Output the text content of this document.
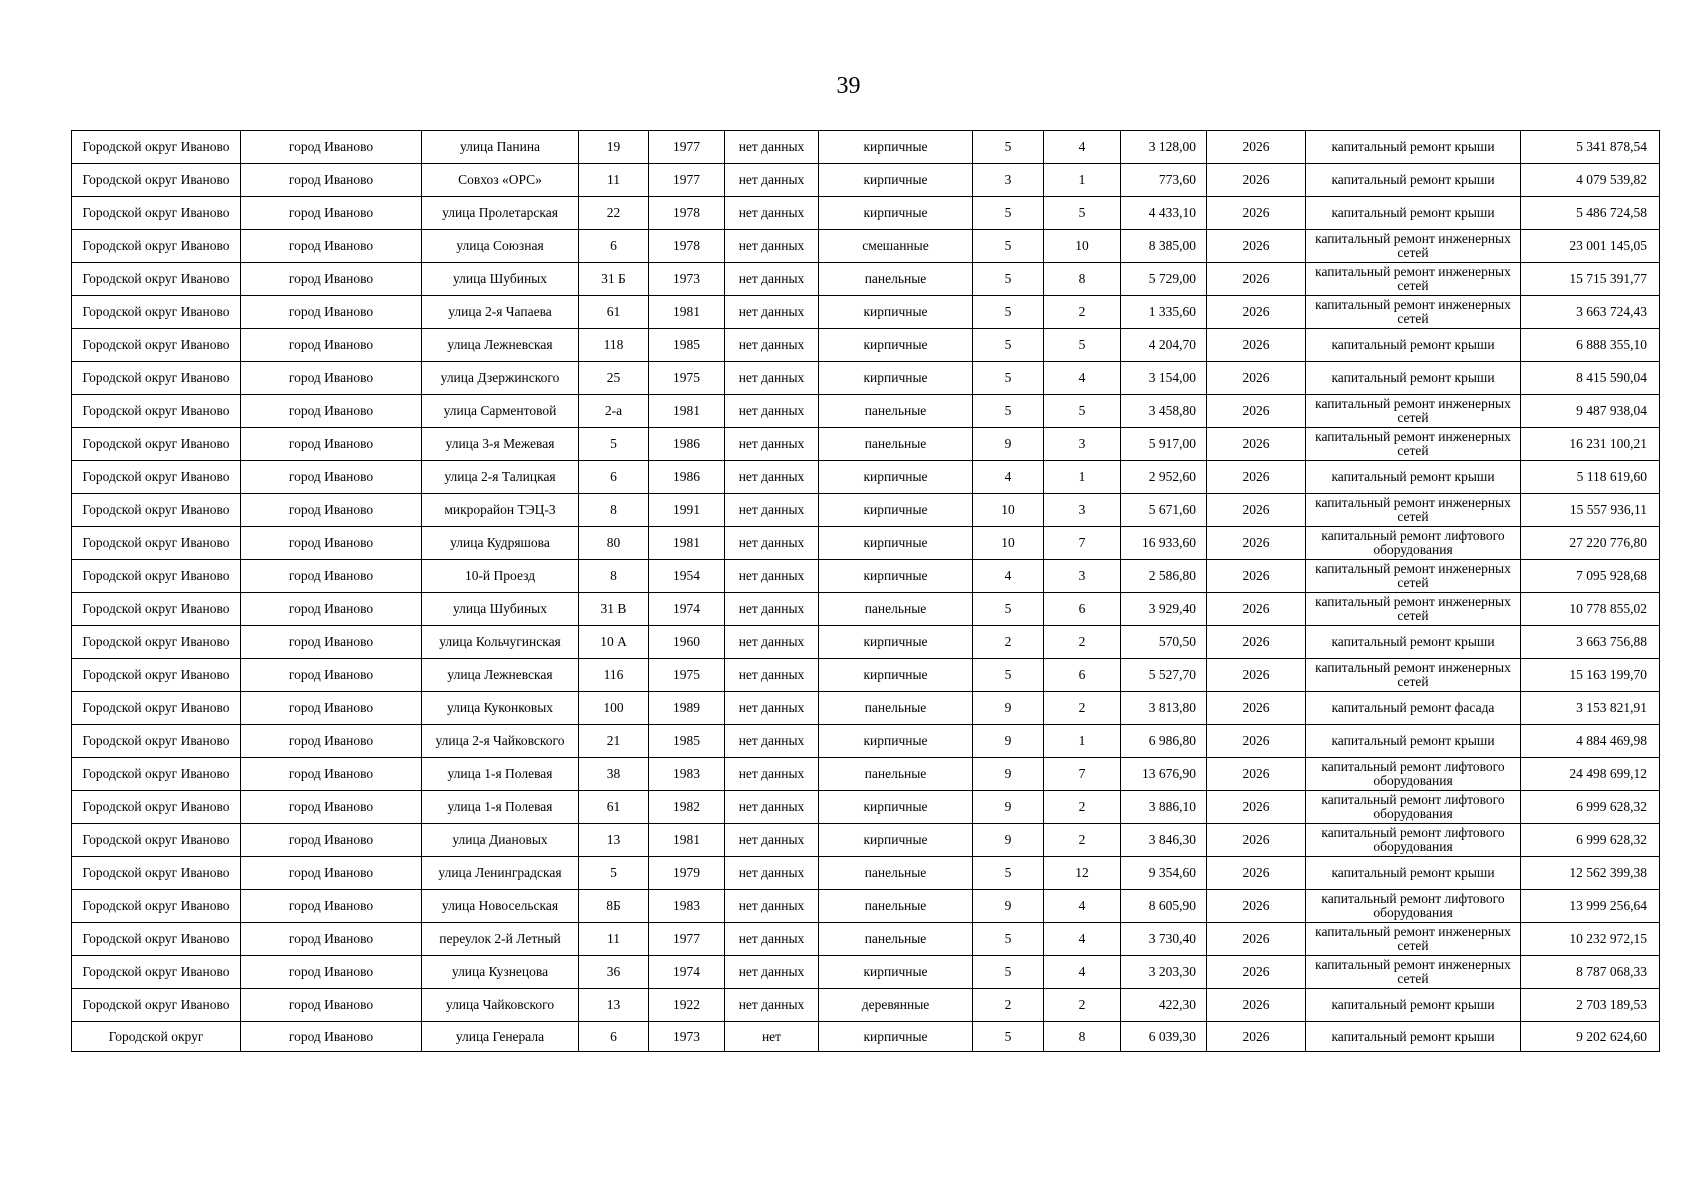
39
Городской округ Иваново	город Иваново	улица Панина	19	1977	нет данных	кирпичные	5	4	3 128,00	2026	капитальный ремонт крыши	5 341 878,54
Городской округ Иваново	город Иваново	Совхоз «ОРС»	11	1977	нет данных	кирпичные	3	1	773,60	2026	капитальный ремонт крыши	4 079 539,82
Городской округ Иваново	город Иваново	улица Пролетарская	22	1978	нет данных	кирпичные	5	5	4 433,10	2026	капитальный ремонт крыши	5 486 724,58
Городской округ Иваново	город Иваново	улица Союзная	6	1978	нет данных	смешанные	5	10	8 385,00	2026	капитальный ремонт инженерных сетей	23 001 145,05
Городской округ Иваново	город Иваново	улица Шубиных	31 Б	1973	нет данных	панельные	5	8	5 729,00	2026	капитальный ремонт инженерных сетей	15 715 391,77
Городской округ Иваново	город Иваново	улица 2-я Чапаева	61	1981	нет данных	кирпичные	5	2	1 335,60	2026	капитальный ремонт инженерных сетей	3 663 724,43
Городской округ Иваново	город Иваново	улица Лежневская	118	1985	нет данных	кирпичные	5	5	4 204,70	2026	капитальный ремонт крыши	6 888 355,10
Городской округ Иваново	город Иваново	улица Дзержинского	25	1975	нет данных	кирпичные	5	4	3 154,00	2026	капитальный ремонт крыши	8 415 590,04
Городской округ Иваново	город Иваново	улица Сарментовой	2-а	1981	нет данных	панельные	5	5	3 458,80	2026	капитальный ремонт инженерных сетей	9 487 938,04
Городской округ Иваново	город Иваново	улица 3-я Межевая	5	1986	нет данных	панельные	9	3	5 917,00	2026	капитальный ремонт инженерных сетей	16 231 100,21
Городской округ Иваново	город Иваново	улица 2-я Талицкая	6	1986	нет данных	кирпичные	4	1	2 952,60	2026	капитальный ремонт крыши	5 118 619,60
Городской округ Иваново	город Иваново	микрорайон ТЭЦ-3	8	1991	нет данных	кирпичные	10	3	5 671,60	2026	капитальный ремонт инженерных сетей	15 557 936,11
Городской округ Иваново	город Иваново	улица Кудряшова	80	1981	нет данных	кирпичные	10	7	16 933,60	2026	капитальный ремонт лифтового оборудования	27 220 776,80
Городской округ Иваново	город Иваново	10-й Проезд	8	1954	нет данных	кирпичные	4	3	2 586,80	2026	капитальный ремонт инженерных сетей	7 095 928,68
Городской округ Иваново	город Иваново	улица Шубиных	31 В	1974	нет данных	панельные	5	6	3 929,40	2026	капитальный ремонт инженерных сетей	10 778 855,02
Городской округ Иваново	город Иваново	улица Кольчугинская	10 А	1960	нет данных	кирпичные	2	2	570,50	2026	капитальный ремонт крыши	3 663 756,88
Городской округ Иваново	город Иваново	улица Лежневская	116	1975	нет данных	кирпичные	5	6	5 527,70	2026	капитальный ремонт инженерных сетей	15 163 199,70
Городской округ Иваново	город Иваново	улица Куконковых	100	1989	нет данных	панельные	9	2	3 813,80	2026	капитальный ремонт фасада	3 153 821,91
Городской округ Иваново	город Иваново	улица 2-я Чайковского	21	1985	нет данных	кирпичные	9	1	6 986,80	2026	капитальный ремонт крыши	4 884 469,98
Городской округ Иваново	город Иваново	улица 1-я Полевая	38	1983	нет данных	панельные	9	7	13 676,90	2026	капитальный ремонт лифтового оборудования	24 498 699,12
Городской округ Иваново	город Иваново	улица 1-я Полевая	61	1982	нет данных	кирпичные	9	2	3 886,10	2026	капитальный ремонт лифтового оборудования	6 999 628,32
Городской округ Иваново	город Иваново	улица Диановых	13	1981	нет данных	кирпичные	9	2	3 846,30	2026	капитальный ремонт лифтового оборудования	6 999 628,32
Городской округ Иваново	город Иваново	улица Ленинградская	5	1979	нет данных	панельные	5	12	9 354,60	2026	капитальный ремонт крыши	12 562 399,38
Городской округ Иваново	город Иваново	улица Новосельская	8Б	1983	нет данных	панельные	9	4	8 605,90	2026	капитальный ремонт лифтового оборудования	13 999 256,64
Городской округ Иваново	город Иваново	переулок 2-й Летный	11	1977	нет данных	панельные	5	4	3 730,40	2026	капитальный ремонт инженерных сетей	10 232 972,15
Городской округ Иваново	город Иваново	улица Кузнецова	36	1974	нет данных	кирпичные	5	4	3 203,30	2026	капитальный ремонт инженерных сетей	8 787 068,33
Городской округ Иваново	город Иваново	улица Чайковского	13	1922	нет данных	деревянные	2	2	422,30	2026	капитальный ремонт крыши	2 703 189,53
Городской округ	город Иваново	улица Генерала	6	1973	нет	кирпичные	5	8	6 039,30	2026	капитальный ремонт крыши	9 202 624,60
